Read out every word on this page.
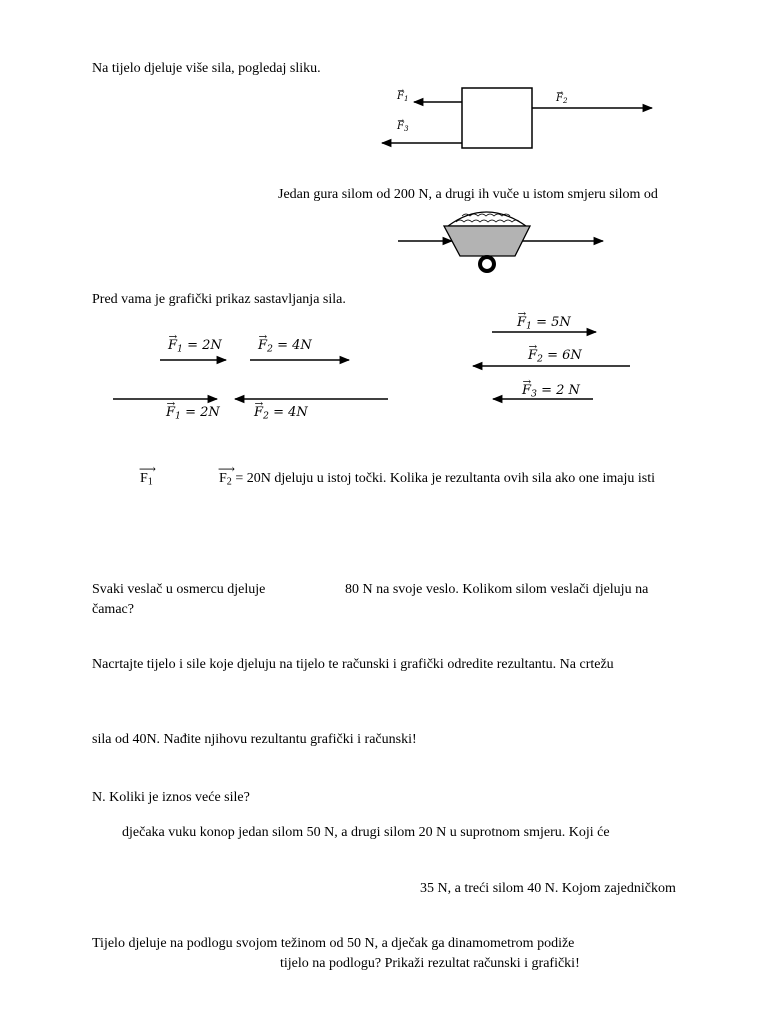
Na tijelo djeluje više sila, pogledaj sliku.
→ $F_1$	→ $F_2$
→ $F_3$
Jedan gura silom od 200 N, a drugi ih vuče u istom smjeru silom od
Pred vama je grafički prikaz sastavljanja sila.
→ $F_1 = 2N$	→ $F_2 = 4N$
→ $F_1 = 2N$	→ $F_2 = 4N$
→ $F_1 = 5N$
→ $F_2 = 6N$
→ $F_3 = 2$ N
⟶ $F_1$	⟶ $F_2 = 20N$ djeluju u istoj točki. Kolika je rezultanta ovih sila ako one imaju isti
Svaki veslač u osmercu djeluje	80 N na svoje veslo. Kolikom silom veslači djeluju na
čamac?
Nacrtajte tijelo i sile koje djeluju na tijelo te računski i grafički odredite rezultantu. Na crtežu
sila od 40N. Nađite njihovu rezultantu grafički i računski!
N. Koliki je iznos veće sile?
dječaka vuku konop jedan silom 50 N, a drugi silom 20 N u suprotnom smjeru. Koji će
35 N, a treći silom 40 N. Kojom zajedničkom
Tijelo djeluje na podlogu svojom težinom od 50 N, a dječak ga dinamometrom podiže
tijelo na podlogu? Prikaži rezultat računski i grafički!
